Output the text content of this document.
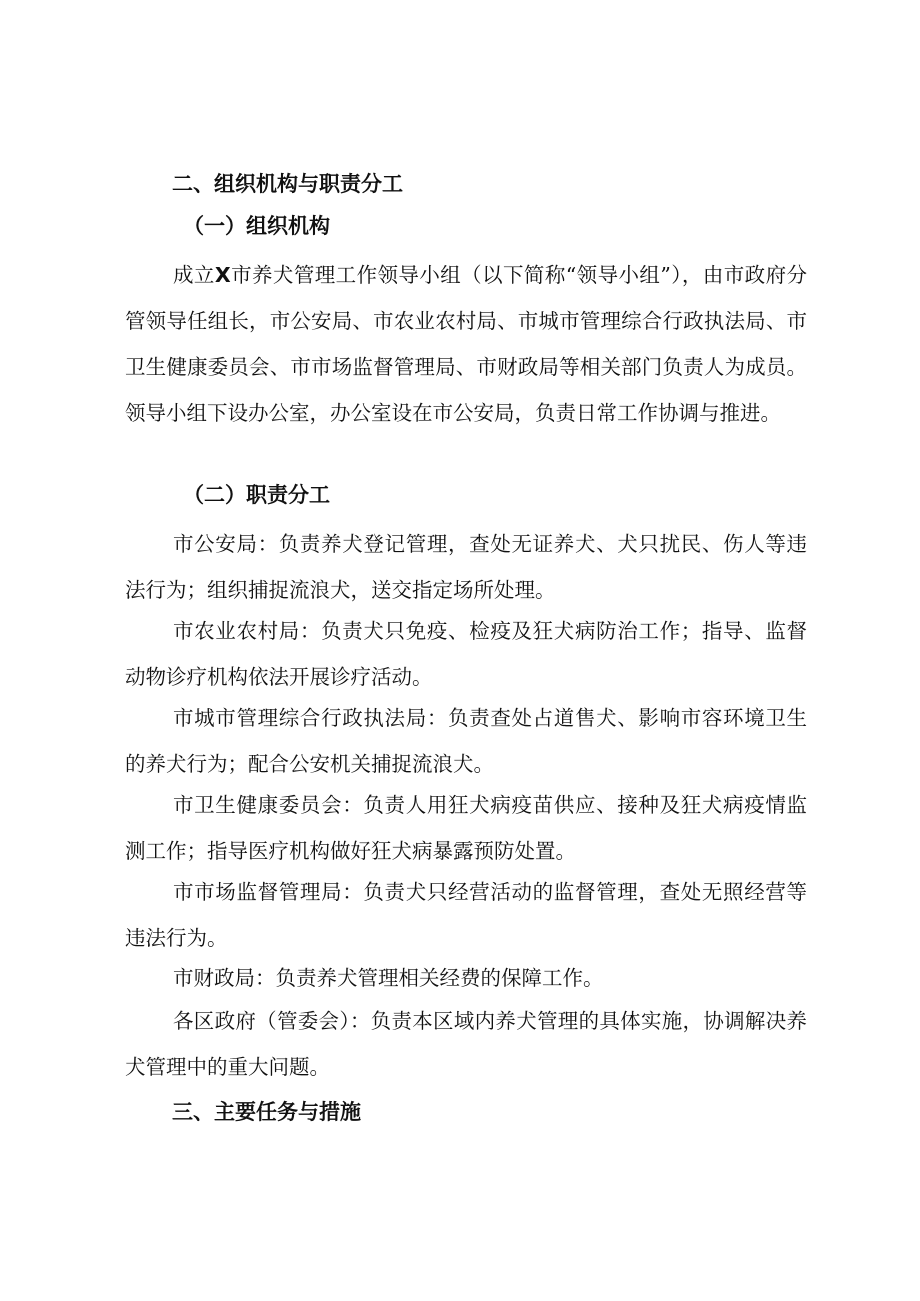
二、组织机构与职责分工
（一）组织机构

成立X市养犬管理工作领导小组（以下简称“领导小组”），由市政府分管领导任组长，市公安局、市农业农村局、市城市管理综合行政执法局、市卫生健康委员会、市市场监督管理局、市财政局等相关部门负责人为成员。领导小组下设办公室，办公室设在市公安局，负责日常工作协调与推进。

（二）职责分工

市公安局：负责养犬登记管理，查处无证养犬、犬只扰民、伤人等违法行为；组织捕捉流浪犬，送交指定场所处理。

市农业农村局：负责犬只免疫、检疫及狂犬病防治工作；指导、监督动物诊疗机构依法开展诊疗活动。

市城市管理综合行政执法局：负责查处占道售犬、影响市容环境卫生的养犬行为；配合公安机关捕捉流浪犬。

市卫生健康委员会：负责人用狂犬病疫苗供应、接种及狂犬病疫情监测工作；指导医疗机构做好狂犬病暴露预防处置。

市市场监督管理局：负责犬只经营活动的监督管理，查处无照经营等违法行为。

市财政局：负责养犬管理相关经费的保障工作。

各区政府（管委会）：负责本区域内养犬管理的具体实施，协调解决养犬管理中的重大问题。

三、主要任务与措施
